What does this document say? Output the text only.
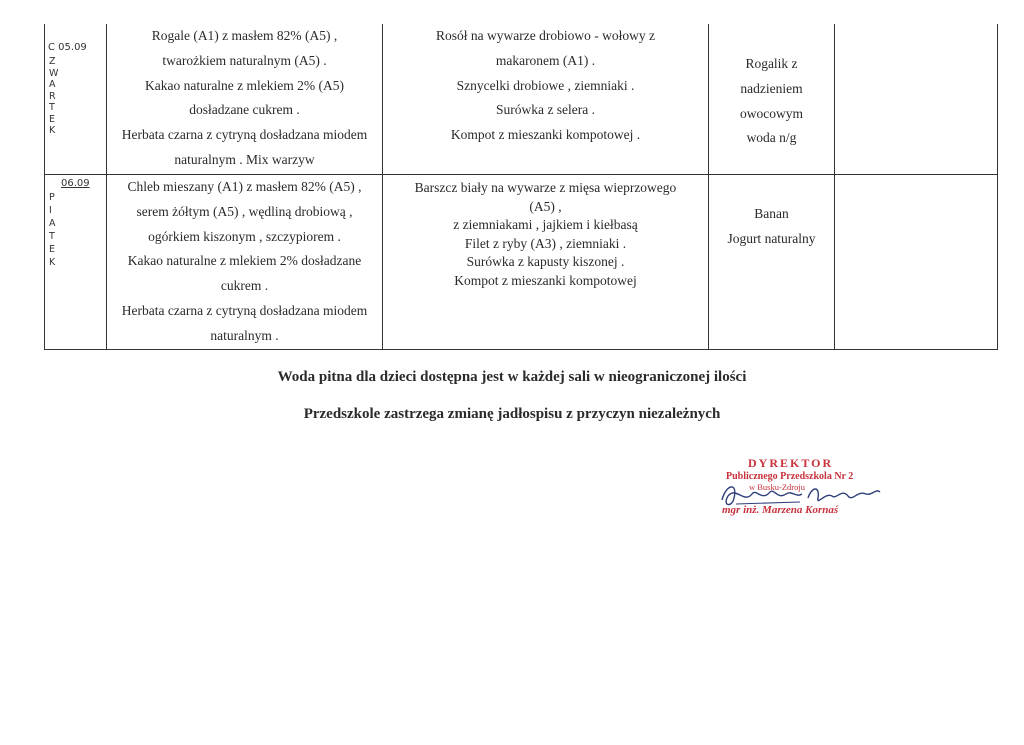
C 05.09
Z
W
A
R
T
E
K
Rogale (A1) z masłem 82% (A5) ,
twarożkiem naturalnym (A5) .
Kakao naturalne z mlekiem 2% (A5)
dosładzane cukrem .
Herbata czarna z cytryną dosładzana miodem
naturalnym . Mix warzyw
Rosół na wywarze drobiowo - wołowy z
makaronem (A1) .
Sznycelki drobiowe , ziemniaki .
Surówka z selera .
Kompot z mieszanki kompotowej .
Rogalik z
nadzieniem
owocowym
woda n/g
06.09
P
I
A
T
E
K
Chleb mieszany (A1) z masłem 82% (A5) ,
serem żółtym (A5) , wędliną drobiową ,
ogórkiem kiszonym , szczypiorem .
Kakao naturalne z mlekiem 2% dosładzane
cukrem .
Herbata czarna z cytryną dosładzana miodem
naturalnym .
Barszcz biały na wywarze z mięsa wieprzowego
(A5) ,
z ziemniakami , jajkiem i kiełbasą
Filet z ryby (A3) , ziemniaki .
Surówka z kapusty kiszonej .
Kompot z mieszanki kompotowej
Banan
Jogurt naturalny
Woda pitna dla dzieci dostępna jest w każdej sali w nieograniczonej ilości
Przedszkole zastrzega zmianę jadłospisu z przyczyn niezależnych
DYREKTOR
Publicznego Przedszkola Nr 2
w Busku-Zdroju
mgr inż. Marzena Kornaś
